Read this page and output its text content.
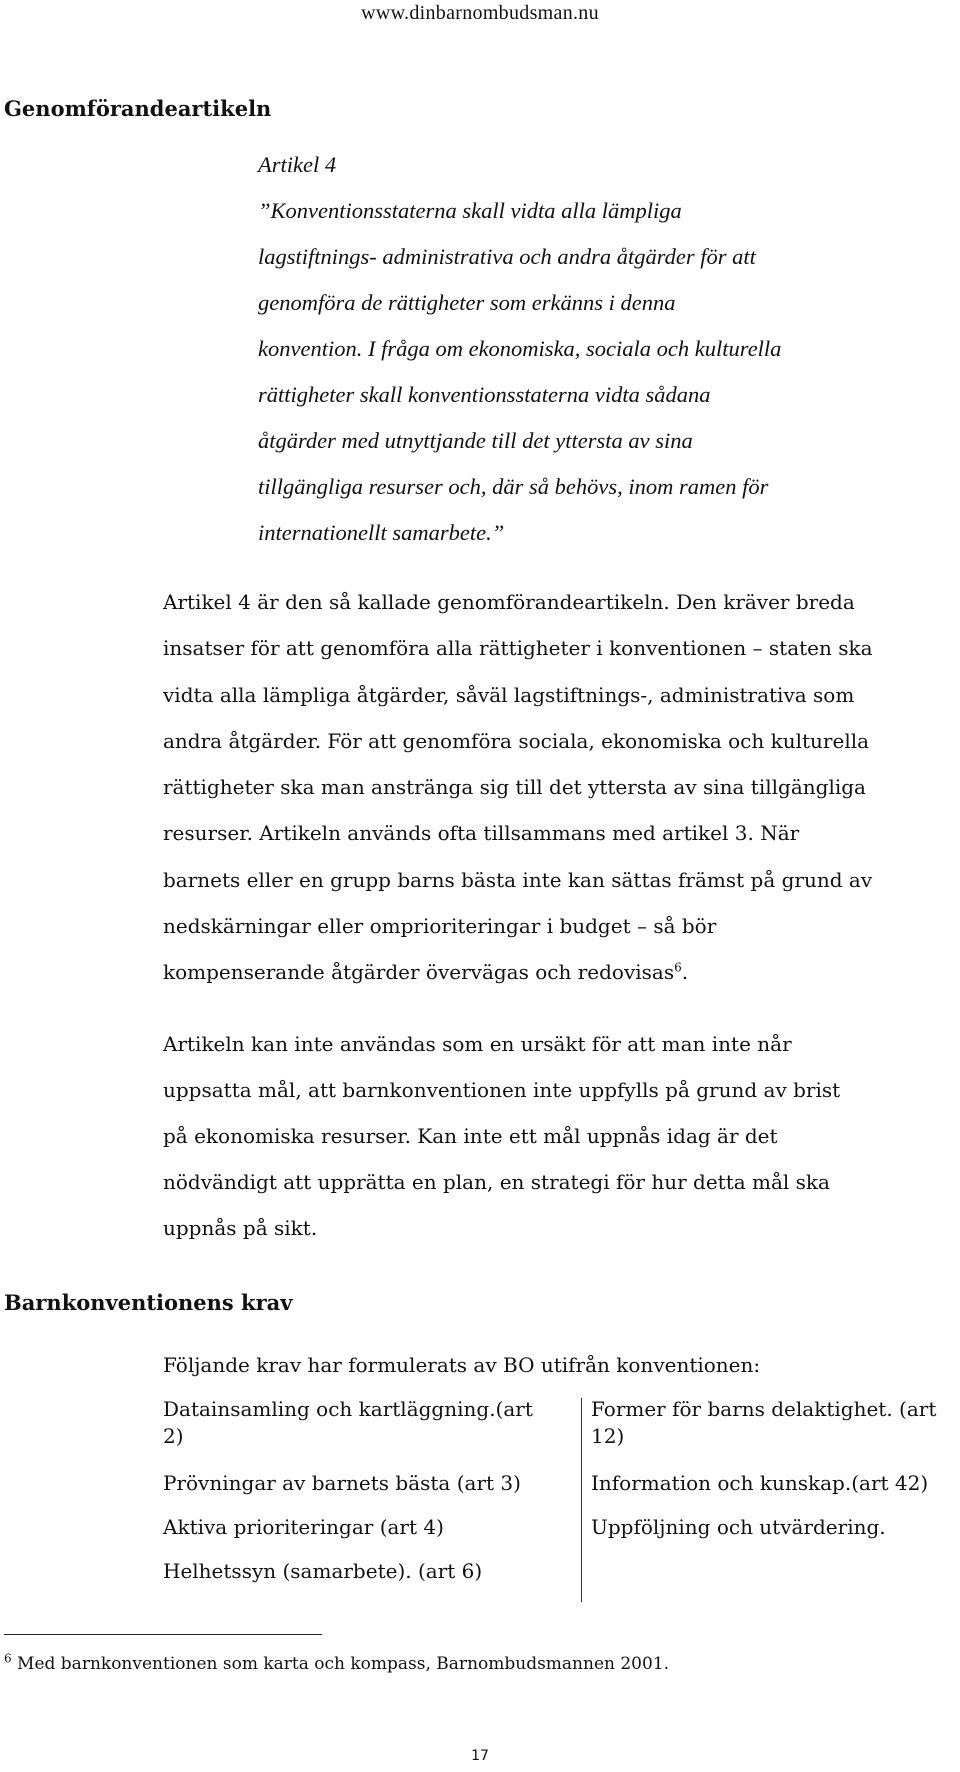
www.dinbarnombudsman.nu
Genomförandeartikeln
Artikel 4
”Konventionsstaterna skall vidta alla lämpliga
lagstiftnings- administrativa och andra åtgärder för att
genomföra de rättigheter som erkänns i denna
konvention. I fråga om ekonomiska, sociala och kulturella
rättigheter skall konventionsstaterna vidta sådana
åtgärder med utnyttjande till det yttersta av sina
tillgängliga resurser och, där så behövs, inom ramen för
internationellt samarbete.”
Artikel 4 är den så kallade genomförandeartikeln. Den kräver breda
insatser för att genomföra alla rättigheter i konventionen – staten ska
vidta alla lämpliga åtgärder, såväl lagstiftnings-, administrativa som
andra åtgärder. För att genomföra sociala, ekonomiska och kulturella
rättigheter ska man anstränga sig till det yttersta av sina tillgängliga
resurser. Artikeln används ofta tillsammans med artikel 3. När
barnets eller en grupp barns bästa inte kan sättas främst på grund av
nedskärningar eller omprioriteringar i budget – så bör
kompenserande åtgärder övervägas och redovisas$^6$.
Artikeln kan inte användas som en ursäkt för att man inte når
uppsatta mål, att barnkonventionen inte uppfylls på grund av brist
på ekonomiska resurser. Kan inte ett mål uppnås idag är det
nödvändigt att upprätta en plan, en strategi för hur detta mål ska
uppnås på sikt.
Barnkonventionens krav
Följande krav har formulerats av BO utifrån konventionen:
Datainsamling och kartläggning.(art
2)
Prövningar av barnets bästa (art 3)
Aktiva prioriteringar (art 4)
Helhetssyn (samarbete). (art 6)
Former för barns delaktighet. (art
12)
Information och kunskap.(art 42)
Uppföljning och utvärdering.
$^6$ Med barnkonventionen som karta och kompass, Barnombudsmannen 2001.
17
